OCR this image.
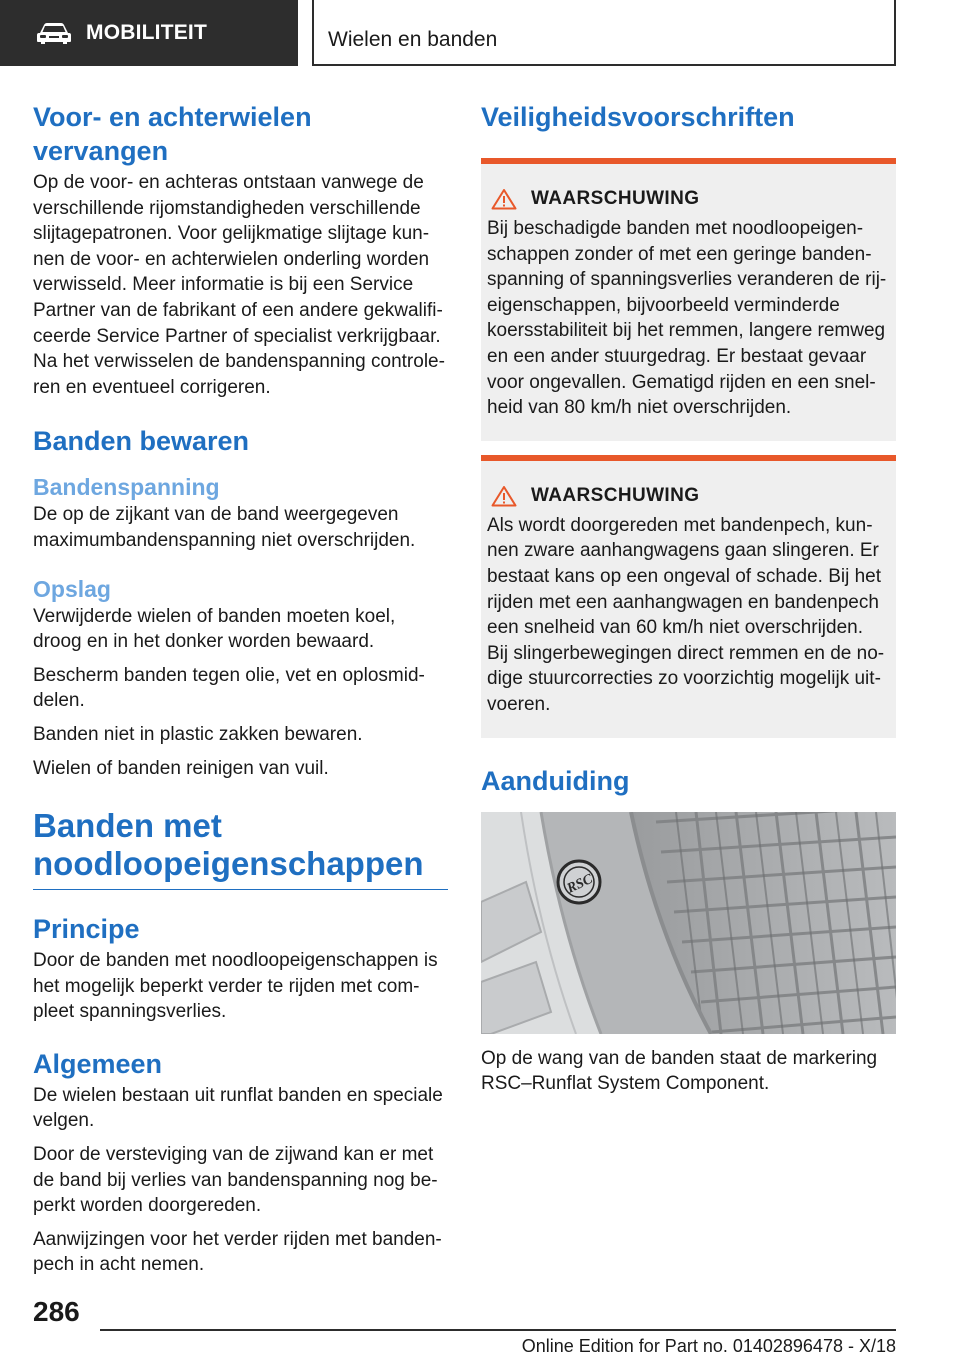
MOBILITEIT	Wielen en banden
Voor- en achterwielen vervangen

Op de voor- en achteras ontstaan vanwege de verschillende rijomstandigheden verschillende slijtagepatronen. Voor gelijkmatige slijtage kunnen de voor- en achterwielen onderling worden verwisseld. Meer informatie is bij een Service Partner van de fabrikant of een andere gekwalificeerde Service Partner of specialist verkrijgbaar. Na het verwisselen de bandenspanning controleren en eventueel corrigeren.

Banden bewaren
Bandenspanning

De op de zijkant van de band weergegeven maximumbandenspanning niet overschrijden.

Opslag

Verwijderde wielen of banden moeten koel, droog en in het donker worden bewaard.

Bescherm banden tegen olie, vet en oplosmiddelen.

Banden niet in plastic zakken bewaren.

Wielen of banden reinigen van vuil.

Banden met
noodloopeigenschappen
Principe

Door de banden met noodloopeigenschappen is het mogelijk beperkt verder te rijden met compleet spanningsverlies.

Algemeen

De wielen bestaan uit runflat banden en speciale velgen.

Door de versteviging van de zijwand kan er met de band bij verlies van bandenspanning nog beperkt worden doorgereden.

Aanwijzingen voor het verder rijden met bandenpech in acht nemen.

Veiligheidsvoorschriften
WAARSCHUWING

Bij beschadigde banden met noodloopeigenschappen zonder of met een geringe bandenspanning of spanningsverlies veranderen de rijeigenschappen, bijvoorbeeld verminderde koersstabiliteit bij het remmen, langere remweg en een ander stuurgedrag. Er bestaat gevaar voor ongevallen. Gematigd rijden en een snelheid van 80 km/h niet overschrijden.

WAARSCHUWING

Als wordt doorgereden met bandenpech, kunnen zware aanhangwagens gaan slingeren. Er bestaat kans op een ongeval of schade. Bij het rijden met een aanhangwagen en bandenpech een snelheid van 60 km/h niet overschrijden. Bij slingerbewegingen direct remmen en de nodige stuurcorrecties zo voorzichtig mogelijk uitvoeren.

Aanduiding
RSC

Op de wang van de banden staat de markering RSC–Runflat System Component.

286
Online Edition for Part no. 01402896478 - X/18
